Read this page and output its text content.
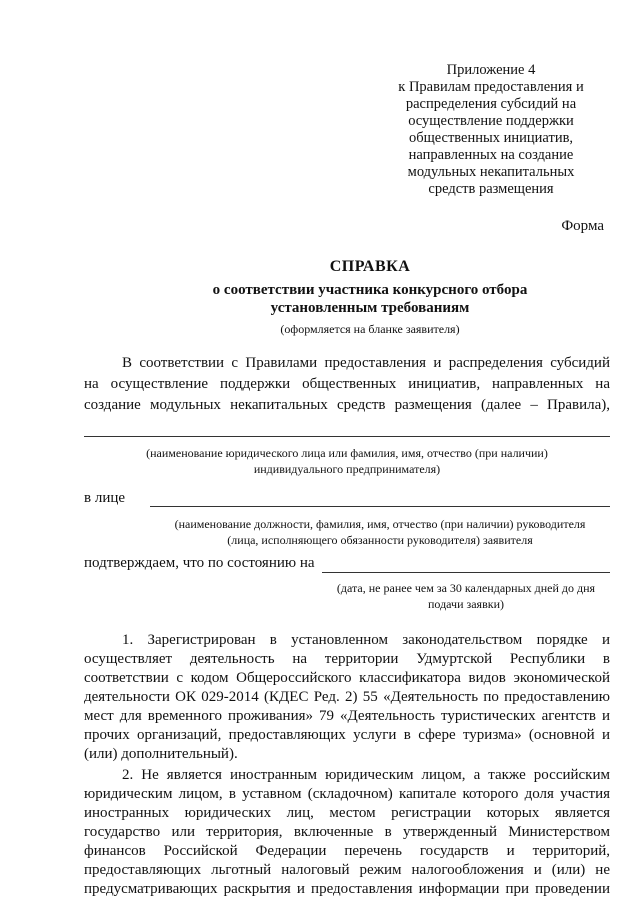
Приложение 4
к Правилам предоставления и
распределения субсидий на
осуществление поддержки
общественных инициатив,
направленных на создание
модульных некапитальных
средств размещения
Форма
СПРАВКА
о соответствии участника конкурсного отбора
установленным требованиям
(оформляется на бланке заявителя)
В соответствии с Правилами предоставления и распределения субсидий
на осуществление поддержки общественных инициатив, направленных на
создание модульных некапитальных средств размещения (далее – Правила),
(наименование юридического лица или фамилия, имя, отчество (при наличии)
индивидуального предпринимателя)
в лице
(наименование должности, фамилия, имя, отчество (при наличии) руководителя
(лица, исполняющего обязанности руководителя) заявителя
подтверждаем, что по состоянию на
(дата, не ранее чем за 30 календарных дней до дня
подачи заявки)
1. Зарегистрирован в установленном законодательством порядке и
осуществляет деятельность на территории Удмуртской Республики в
соответствии с кодом Общероссийского классификатора видов экономической
деятельности ОК 029-2014 (КДЕС Ред. 2) 55 «Деятельность по предоставлению
мест для временного проживания» 79 «Деятельность туристических агентств и
прочих организаций, предоставляющих услуги в сфере туризма» (основной и
(или) дополнительный).
2. Не является иностранным юридическим лицом, а также российским
юридическим лицом, в уставном (складочном) капитале которого доля участия
иностранных юридических лиц, местом регистрации которых является
государство или территория, включенные в утвержденный Министерством
финансов Российской Федерации перечень государств и территорий,
предоставляющих льготный налоговый режим налогообложения и (или) не
предусматривающих раскрытия и предоставления информации при проведении
